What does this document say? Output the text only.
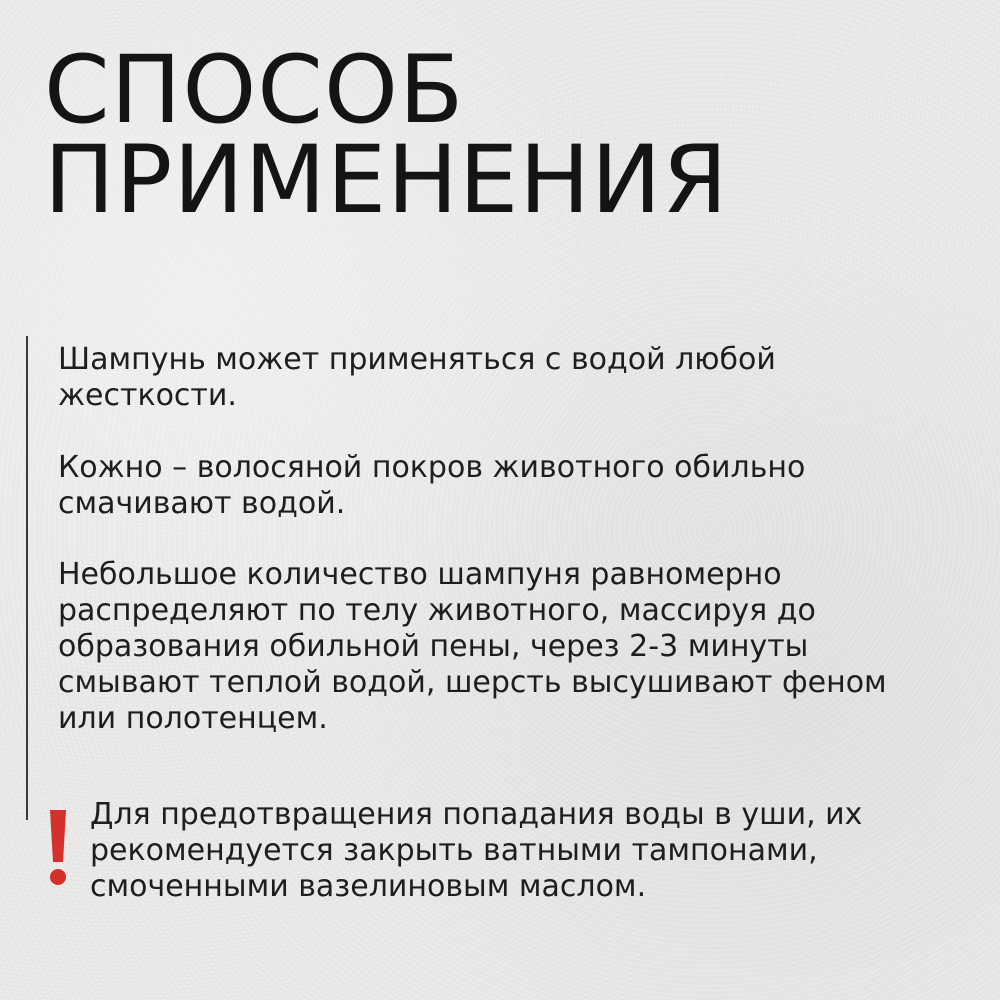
СПОСОБ
ПРИМЕНЕНИЯ

Шампунь может применяться с водой любой
жесткости.

Кожно – волосяной покров животного обильно
смачивают водой.

Небольшое количество шампуня равномерно
распределяют по телу животного, массируя до
образования обильной пены, через 2-3 минуты
смывают теплой водой, шерсть высушивают феном
или полотенцем.

Для предотвращения попадания воды в уши, их
рекомендуется закрыть ватными тампонами,
смоченными вазелиновым маслом.
